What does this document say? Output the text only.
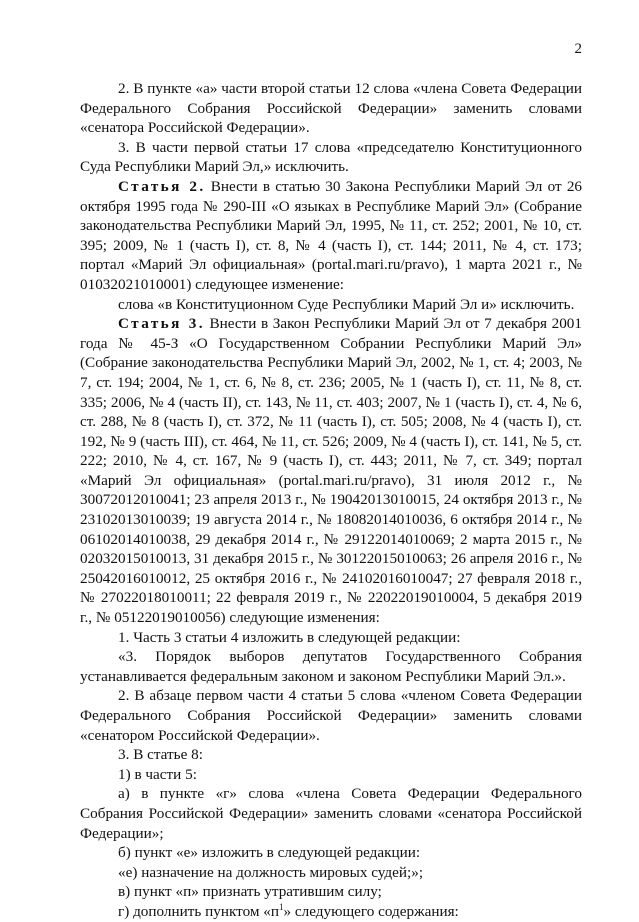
2

2. В пункте «а» части второй статьи 12 слова «члена Совета Федерации Федерального Собрания Российской Федерации» заменить словами «сенатора Российской Федерации».

3. В части первой статьи 17 слова «председателю Конституционного Суда Республики Марий Эл,» исключить.

Статья 2. Внести в статью 30 Закона Республики Марий Эл от 26 октября 1995 года № 290-III «О языках в Республике Марий Эл» (Собрание законодательства Республики Марий Эл, 1995, № 11, ст. 252; 2001, № 10, ст. 395; 2009, № 1 (часть I), ст. 8, № 4 (часть I), ст. 144; 2011, № 4, ст. 173; портал «Марий Эл официальная» (portal.mari.ru/pravo), 1 марта 2021 г., № 01032021010001) следующее изменение:

слова «в Конституционном Суде Республики Марий Эл и» исключить.

Статья 3. Внести в Закон Республики Марий Эл от 7 декабря 2001 года № 45-З «О Государственном Собрании Республики Марий Эл» (Собрание законодательства Республики Марий Эл, 2002, № 1, ст. 4; 2003, № 7, ст. 194; 2004, № 1, ст. 6, № 8, ст. 236; 2005, № 1 (часть I), ст. 11, № 8, ст. 335; 2006, № 4 (часть II), ст. 143, № 11, ст. 403; 2007, № 1 (часть I), ст. 4, № 6, ст. 288, № 8 (часть I), ст. 372, № 11 (часть I), ст. 505; 2008, № 4 (часть I), ст. 192, № 9 (часть III), ст. 464, № 11, ст. 526; 2009, № 4 (часть I), ст. 141, № 5, ст. 222; 2010, № 4, ст. 167, № 9 (часть I), ст. 443; 2011, № 7, ст. 349; портал «Марий Эл официальная» (portal.mari.ru/pravo), 31 июля 2012 г., № 30072012010041; 23 апреля 2013 г., № 19042013010015, 24 октября 2013 г., № 23102013010039; 19 августа 2014 г., № 18082014010036, 6 октября 2014 г., № 06102014010038, 29 декабря 2014 г., № 29122014010069; 2 марта 2015 г., № 02032015010013, 31 декабря 2015 г., № 30122015010063; 26 апреля 2016 г., № 25042016010012, 25 октября 2016 г., № 24102016010047; 27 февраля 2018 г., № 27022018010011; 22 февраля 2019 г., № 22022019010004, 5 декабря 2019 г., № 05122019010056) следующие изменения:

1. Часть 3 статьи 4 изложить в следующей редакции:

«3. Порядок выборов депутатов Государственного Собрания устанавливается федеральным законом и законом Республики Марий Эл.».

2. В абзаце первом части 4 статьи 5 слова «членом Совета Федерации Федерального Собрания Российской Федерации» заменить словами «сенатором Российской Федерации».

3. В статье 8:

1) в части 5:

а) в пункте «г» слова «члена Совета Федерации Федерального Собрания Российской Федерации» заменить словами «сенатора Российской Федерации»;

б) пункт «е» изложить в следующей редакции:

«е) назначение на должность мировых судей;»;

в) пункт «п» признать утратившим силу;

г) дополнить пунктом «$п^1$» следующего содержания:
